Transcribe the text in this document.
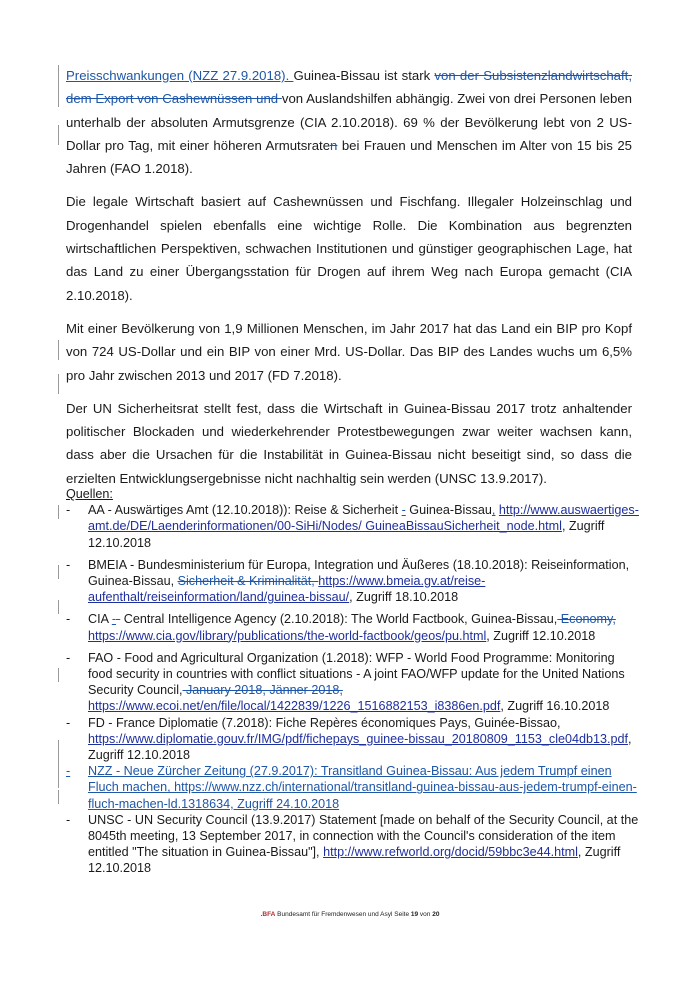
Preisschwankungen (NZZ 27.9.2018). Guinea-Bissau ist stark von der Subsistenzlandwirtschaft, dem Export von Cashewnüssen und von Auslandshilfen abhängig. Zwei von drei Personen leben unterhalb der absoluten Armutsgrenze (CIA 2.10.2018). 69 % der Bevölkerung lebt von 2 US-Dollar pro Tag, mit einer höheren Armutsraten bei Frauen und Menschen im Alter von 15 bis 25 Jahren (FAO 1.2018).

Die legale Wirtschaft basiert auf Cashewnüssen und Fischfang. Illegaler Holzeinschlag und Drogenhandel spielen ebenfalls eine wichtige Rolle. Die Kombination aus begrenzten wirtschaftlichen Perspektiven, schwachen Institutionen und günstiger geographischen Lage, hat das Land zu einer Übergangsstation für Drogen auf ihrem Weg nach Europa gemacht (CIA 2.10.2018).

Mit einer Bevölkerung von 1,9 Millionen Menschen, im Jahr 2017 hat das Land ein BIP pro Kopf von 724 US-Dollar und ein BIP von einer Mrd. US-Dollar. Das BIP des Landes wuchs um 6,5% pro Jahr zwischen 2013 und 2017 (FD 7.2018).

Der UN Sicherheitsrat stellt fest, dass die Wirtschaft in Guinea-Bissau 2017 trotz anhaltender politischer Blockaden und wiederkehrender Protestbewegungen zwar weiter wachsen kann, dass aber die Ursachen für die Instabilität in Guinea-Bissau nicht beseitigt sind, so dass die erzielten Entwicklungsergebnisse nicht nachhaltig sein werden (UNSC 13.9.2017).

Quellen:
- AA - Auswärtiges Amt (12.10.2018)): Reise & Sicherheit - Guinea-Bissau, http://www.auswaertiges-amt.de/DE/Laenderinformationen/00-SiHi/Nodes/ GuineaBissauSicherheit_node.html, Zugriff 12.10.2018
- BMEIA - Bundesministerium für Europa, Integration und Äußeres (18.10.2018): Reiseinformation, Guinea-Bissau, Sicherheit & Kriminalität, https://www.bmeia.gv.at/reise-aufenthalt/reiseinformation/land/guinea-bissau/, Zugriff 18.10.2018
- CIA -- Central Intelligence Agency (2.10.2018): The World Factbook, Guinea-Bissau, Economy, https://www.cia.gov/library/publications/the-world-factbook/geos/pu.html, Zugriff 12.10.2018
- FAO - Food and Agricultural Organization (1.2018): WFP - World Food Programme: Monitoring food security in countries with conflict situations - A joint FAO/WFP update for the United Nations Security Council, January 2018, Jänner 2018, https://www.ecoi.net/en/file/local/1422839/1226_1516882153_i8386en.pdf, Zugriff 16.10.2018
- FD - France Diplomatie (7.2018): Fiche Repères économiques Pays, Guinée-Bissao, https://www.diplomatie.gouv.fr/IMG/pdf/fichepays_guinee-bissau_20180809_1153_cle04db13.pdf, Zugriff 12.10.2018
- NZZ - Neue Zürcher Zeitung (27.9.2017): Transitland Guinea-Bissau: Aus jedem Trumpf einen Fluch machen, https://www.nzz.ch/international/transitland-guinea-bissau-aus-jedem-trumpf-einen-fluch-machen-ld.1318634, Zugriff 24.10.2018
- UNSC - UN Security Council (13.9.2017) Statement [made on behalf of the Security Council, at the 8045th meeting, 13 September 2017, in connection with the Council's consideration of the item entitled "The situation in Guinea-Bissau"], http://www.refworld.org/docid/59bbc3e44.html, Zugriff 12.10.2018
.BFA Bundesamt für Fremdenwesen und Asyl Seite 19 von 20
